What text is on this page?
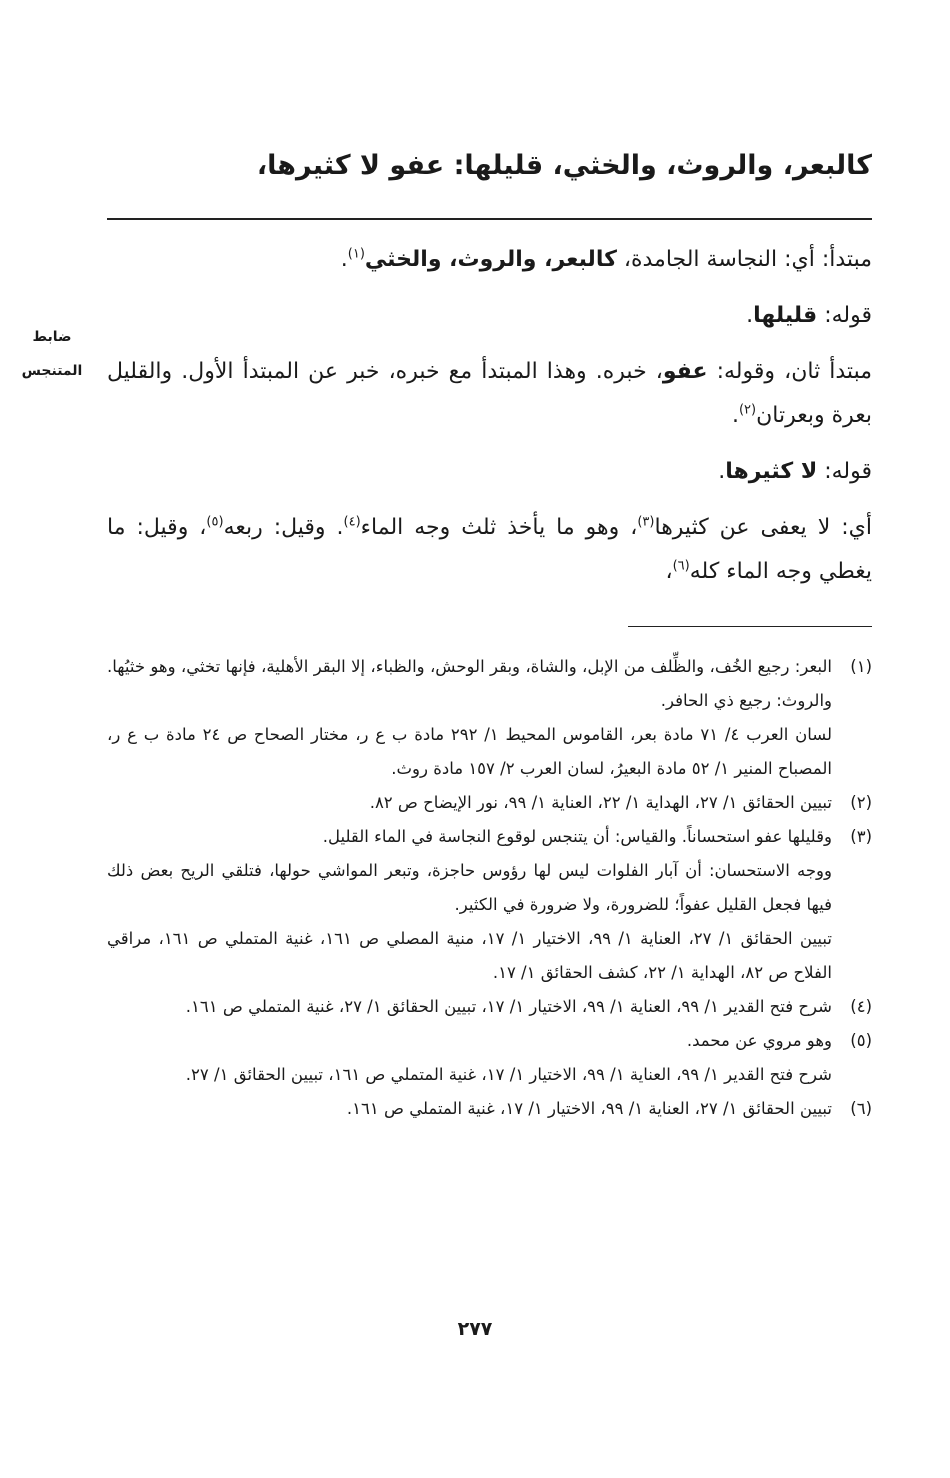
كالبعر، والروث، والخثي، قليلها: عفو لا كثيرها،
ضابط
المتنجس

مبتدأ: أي: النجاسة الجامدة، كالبعر، والروث، والخثي$^{(١)}$.

قوله: قليلها.

مبتدأ ثان، وقوله: عفو، خبره. وهذا المبتدأ مع خبره، خبر عن المبتدأ الأول. والقليل بعرة وبعرتان$^{(٢)}$.

قوله: لا كثيرها.

أي: لا يعفى عن كثيرها$^{(٣)}$، وهو ما يأخذ ثلث وجه الماء$^{(٤)}$. وقيل: ربعه$^{(٥)}$، وقيل: ما يغطي وجه الماء كله$^{(٦)}$،

(١)

البعر: رجيع الخُف، والظِّلف من الإبل، والشاة، وبقر الوحش، والظباء، إلا البقر الأهلية، فإنها تخثي، وهو خثيُها. والروث: رجيع ذي الحافر.

لسان العرب ٤/ ٧١ مادة بعر، القاموس المحيط ١/ ٢٩٢ مادة ب ع ر، مختار الصحاح ص ٢٤ مادة ب ع ر، المصباح المنير ١/ ٥٢ مادة البعيرُ، لسان العرب ٢/ ١٥٧ مادة روث.

(٢)

تبيين الحقائق ١/ ٢٧، الهداية ١/ ٢٢، العناية ١/ ٩٩، نور الإيضاح ص ٨٢.

(٣)

وقليلها عفو استحساناً. والقياس: أن يتنجس لوقوع النجاسة في الماء القليل.

ووجه الاستحسان: أن آبار الفلوات ليس لها رؤوس حاجزة، وتبعر المواشي حولها، فتلقي الريح بعض ذلك فيها فجعل القليل عفواً؛ للضرورة، ولا ضرورة في الكثير.

تبيين الحقائق ١/ ٢٧، العناية ١/ ٩٩، الاختيار ١/ ١٧، منية المصلي ص ١٦١، غنية المتملي ص ١٦١، مراقي الفلاح ص ٨٢، الهداية ١/ ٢٢، كشف الحقائق ١/ ١٧.

(٤)

شرح فتح القدير ١/ ٩٩، العناية ١/ ٩٩، الاختيار ١/ ١٧، تبيين الحقائق ١/ ٢٧، غنية المتملي ص ١٦١.

(٥)

وهو مروي عن محمد.

شرح فتح القدير ١/ ٩٩، العناية ١/ ٩٩، الاختيار ١/ ١٧، غنية المتملي ص ١٦١، تبيين الحقائق ١/ ٢٧.

(٦)

تبيين الحقائق ١/ ٢٧، العناية ١/ ٩٩، الاختيار ١/ ١٧، غنية المتملي ص ١٦١.

٢٧٧
